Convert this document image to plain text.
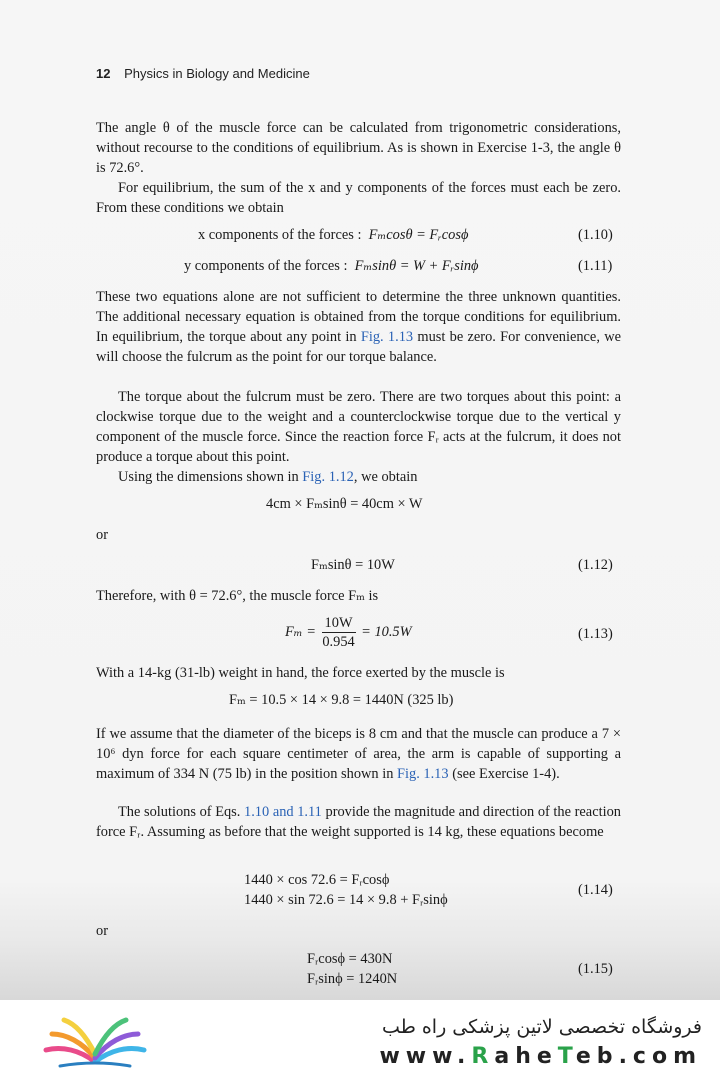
12 Physics in Biology and Medicine
The angle θ of the muscle force can be calculated from trigonometric considerations, without recourse to the conditions of equilibrium. As is shown in Exercise 1-3, the angle θ is 72.6°.
For equilibrium, the sum of the x and y components of the forces must each be zero. From these conditions we obtain
x components of the forces : Fₘcosθ = Fᵣcosϕ	(1.10)
y components of the forces : Fₘsinθ = W + Fᵣsinϕ	(1.11)
These two equations alone are not sufficient to determine the three unknown quantities. The additional necessary equation is obtained from the torque conditions for equilibrium. In equilibrium, the torque about any point in Fig. 1.13 must be zero. For convenience, we will choose the fulcrum as the point for our torque balance.
The torque about the fulcrum must be zero. There are two torques about this point: a clockwise torque due to the weight and a counterclockwise torque due to the vertical y component of the muscle force. Since the reaction force Fᵣ acts at the fulcrum, it does not produce a torque about this point.
Using the dimensions shown in Fig. 1.12, we obtain
4cm × Fₘsinθ = 40cm × W
or
Fₘsinθ = 10W	(1.12)
Therefore, with θ = 72.6°, the muscle force Fₘ is
$F_m = \frac{10W}{0.954} = 10.5W$	(1.13)
With a 14-kg (31-lb) weight in hand, the force exerted by the muscle is
Fₘ = 10.5 × 14 × 9.8 = 1440N (325 lb)
If we assume that the diameter of the biceps is 8 cm and that the muscle can produce a 7 × 10⁶ dyn force for each square centimeter of area, the arm is capable of supporting a maximum of 334 N (75 lb) in the position shown in Fig. 1.13 (see Exercise 1-4).
The solutions of Eqs. 1.10 and 1.11 provide the magnitude and direction of the reaction force Fᵣ. Assuming as before that the weight supported is 14 kg, these equations become
1440 × cos 72.6 = Fᵣcosϕ
1440 × sin 72.6 = 14 × 9.8 + Fᵣsinϕ
(1.14)
or
Fᵣcosϕ = 430N
Fᵣsinϕ = 1240N
(1.15)
فروشگاه تخصصی لاتین پزشکی راه طب
www.RaheTeb.com
